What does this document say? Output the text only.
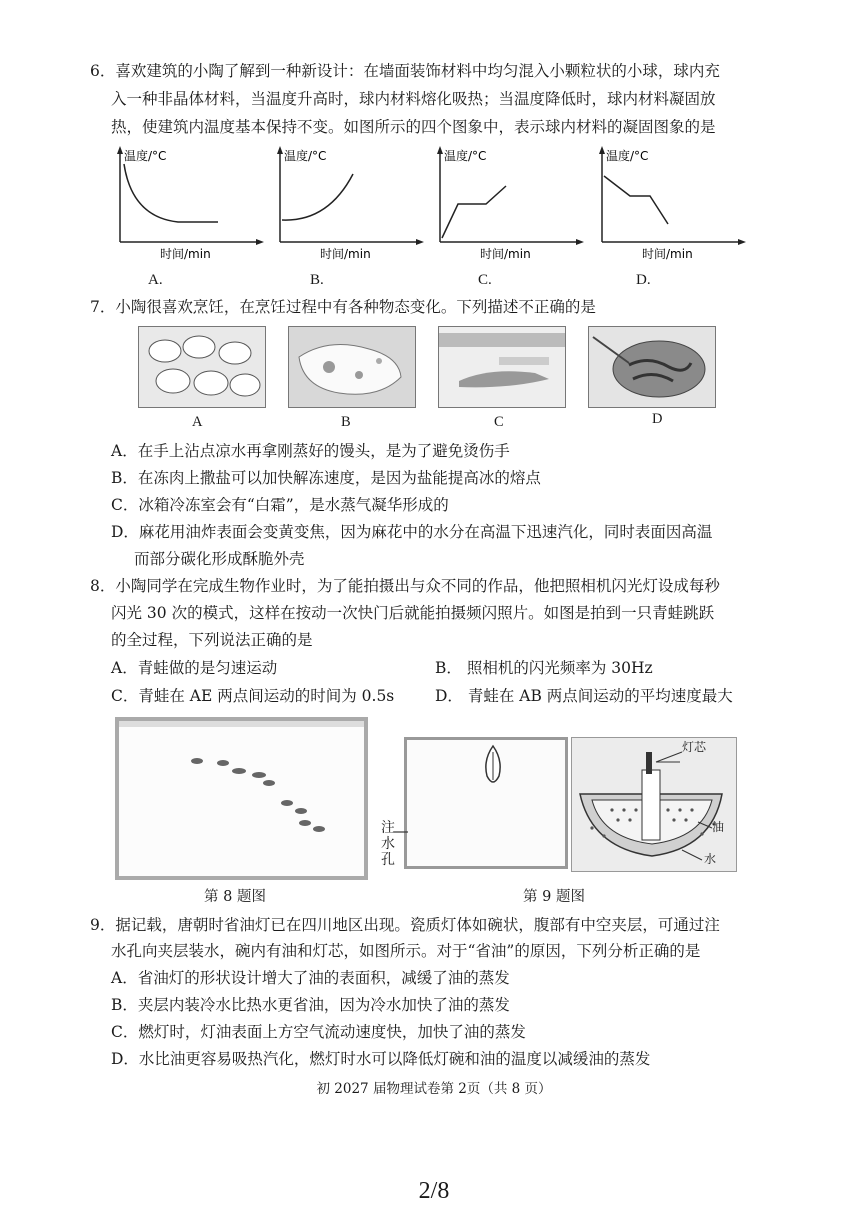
6．喜欢建筑的小陶了解到一种新设计：在墙面装饰材料中均匀混入小颗粒状的小球，球内充
入一种非晶体材料，当温度升高时，球内材料熔化吸热；当温度降低时，球内材料凝固放
热，使建筑内温度基本保持不变。如图所示的四个图象中，表示球内材料的凝固图象的是
温度/°C
时间/min
温度/°C
时间/min
温度/°C
时间/min
温度/°C
时间/min
A.	B.	C.	D.
7．小陶很喜欢烹饪，在烹饪过程中有各种物态变化。下列描述不正确的是
A	B	C	D
A．在手上沾点凉水再拿刚蒸好的馒头，是为了避免烫伤手
B．在冻肉上撒盐可以加快解冻速度，是因为盐能提高冰的熔点
C．冰箱冷冻室会有“白霜”，是水蒸气凝华形成的
D．麻花用油炸表面会变黄变焦，因为麻花中的水分在高温下迅速汽化，同时表面因高温
而部分碳化形成酥脆外壳
8．小陶同学在完成生物作业时，为了能拍摄出与众不同的作品，他把照相机闪光灯设成每秒
闪光 30 次的模式，这样在按动一次快门后就能拍摄频闪照片。如图是拍到一只青蛙跳跃
的全过程，下列说法正确的是
A．青蛙做的是匀速运动	B． 照相机的闪光频率为 30Hz
C．青蛙在 AE 两点间运动的时间为 0.5s	D． 青蛙在 AB 两点间运动的平均速度最大
注
水
孔
灯芯
油
水
第 8 题图	第 9 题图
9．据记载，唐朝时省油灯已在四川地区出现。瓷质灯体如碗状，腹部有中空夹层，可通过注
水孔向夹层装水，碗内有油和灯芯，如图所示。对于“省油”的原因，下列分析正确的是
A．省油灯的形状设计增大了油的表面积，减缓了油的蒸发
B．夹层内装冷水比热水更省油，因为冷水加快了油的蒸发
C．燃灯时，灯油表面上方空气流动速度快，加快了油的蒸发
D．水比油更容易吸热汽化，燃灯时水可以降低灯碗和油的温度以减缓油的蒸发
初 2027 届物理试卷第 2页（共 8 页）
2/8
